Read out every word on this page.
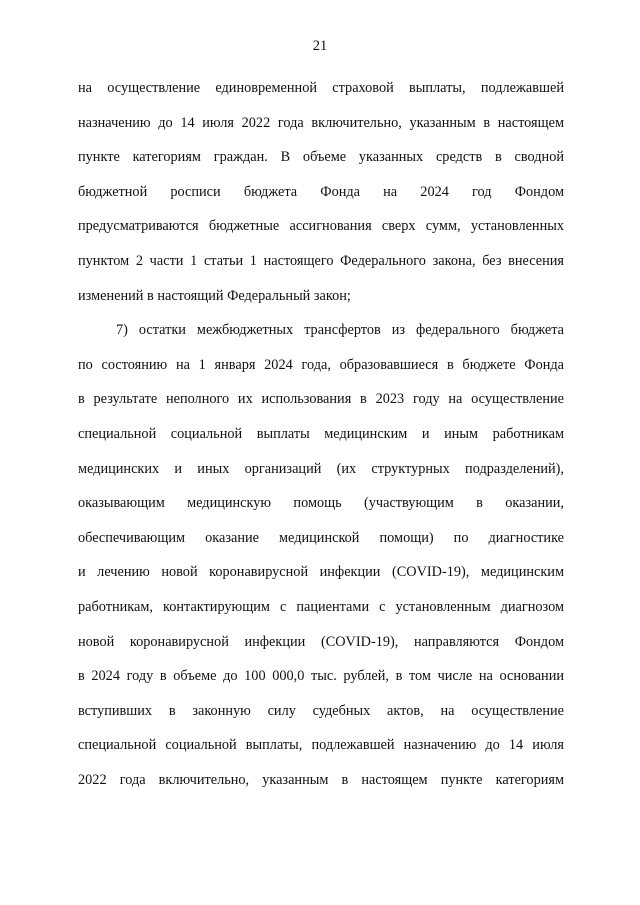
21
на осуществление единовременной страховой выплаты, подлежавшей
назначению до 14 июля 2022 года включительно, указанным в настоящем
пункте категориям граждан. В объеме указанных средств в сводной
бюджетной росписи бюджета Фонда на 2024 год Фондом
предусматриваются бюджетные ассигнования сверх сумм, установленных
пунктом 2 части 1 статьи 1 настоящего Федерального закона, без внесения
изменений в настоящий Федеральный закон;
7) остатки межбюджетных трансфертов из федерального бюджета
по состоянию на 1 января 2024 года, образовавшиеся в бюджете Фонда
в результате неполного их использования в 2023 году на осуществление
специальной социальной выплаты медицинским и иным работникам
медицинских и иных организаций (их структурных подразделений),
оказывающим медицинскую помощь (участвующим в оказании,
обеспечивающим оказание медицинской помощи) по диагностике
и лечению новой коронавирусной инфекции (COVID-19), медицинским
работникам, контактирующим с пациентами с установленным диагнозом
новой коронавирусной инфекции (COVID-19), направляются Фондом
в 2024 году в объеме до 100 000,0 тыс. рублей, в том числе на основании
вступивших в законную силу судебных актов, на осуществление
специальной социальной выплаты, подлежавшей назначению до 14 июля
2022 года включительно, указанным в настоящем пункте категориям
